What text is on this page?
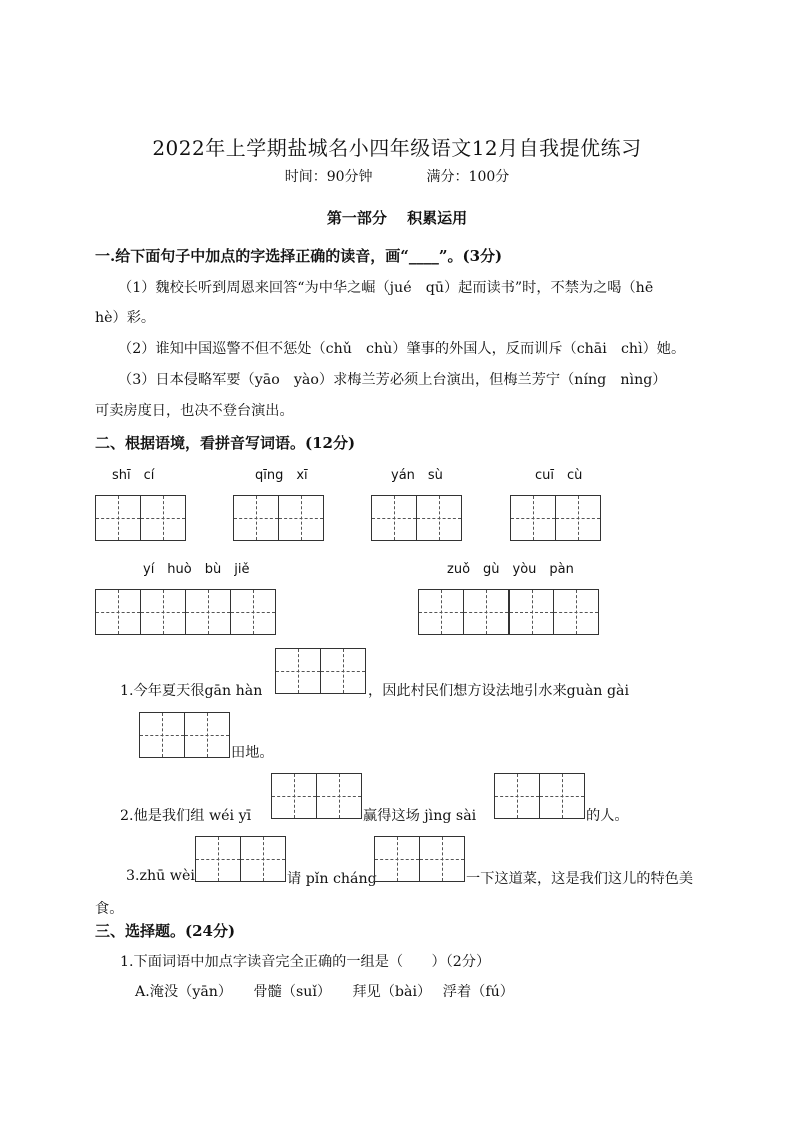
2022年上学期盐城名小四年级语文12月自我提优练习
时间：90分钟	满分：100分
第一部分　 积累运用
一.给下面句子中加点的字选择正确的读音，画“____”。(3分)
（1）魏校长听到周恩来回答“为中华之崛（jué　qū）起而读书”时，不禁为之喝（hē
hè）彩。
（2）谁知中国巡警不但不惩处（chǔ　chù）肇事的外国人，反而训斥（chāi　chì）她。
（3）日本侵略军要（yāo　yào）求梅兰芳必须上台演出，但梅兰芳宁（níng　nìng）
可卖房度日，也决不登台演出。
二、根据语境，看拼音写词语。(12分)
shī　cí	qīng　xī	yán　sù	cuī　cù
yí　huò　bù　jiě	zuǒ　gù　yòu　pàn
1.今年夏天很gān hàn	，因此村民们想方设法地引水来guàn gài
田地。
2.他是我们组 wéi yī	赢得这场 jìng sài	的人。
3.zhū wèi	请 pǐn cháng	一下这道菜，这是我们这儿的特色美
食。
三、选择题。(24分)
1.下面词语中加点字读音完全正确的一组是（　　）（2分）
A.淹没（yān）　　骨髓（suǐ）　　拜见（bài）　 浮着（fú）
